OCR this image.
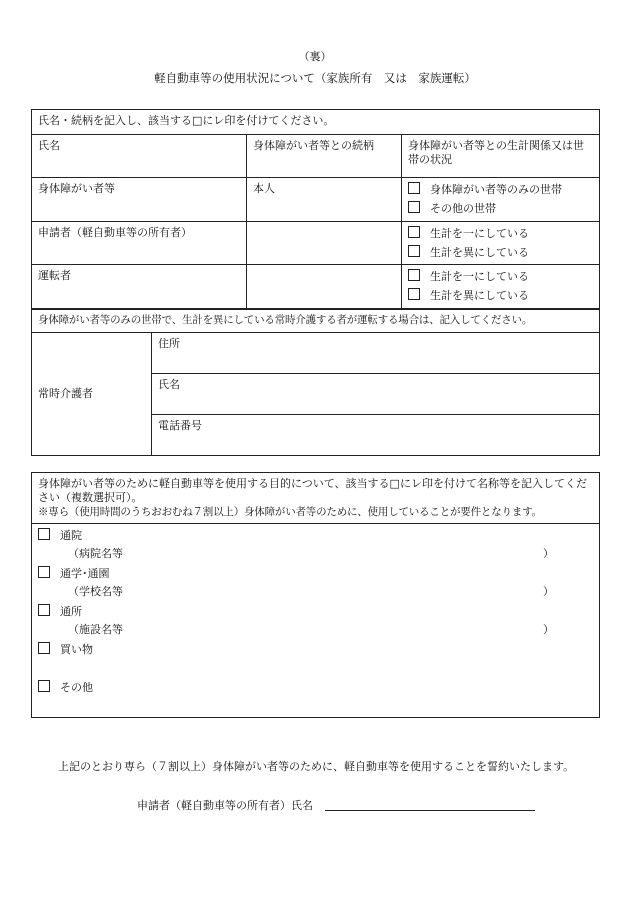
（裏）
軽自動車等の使用状況について（家族所有　又は　家族運転）
氏名・続柄を記入し、該当する□にレ印を付けてください。		
氏名	身体障がい者等との続柄	身体障がい者等との生計関係又は世帯の状況
身体障がい者等	本人	身体障がい者等のみの世帯
その他の世帯

申請者（軽自動車等の所有者）		生計を一にしている
生計を異にしている

運転者		生計を一にしている
生計を異にしている
身体障がい者等のみの世帯で、生計を異にしている常時介護する者が運転する場合は、記入してください。
常時介護者	住所
氏名
電話番号
身体障がい者等のために軽自動車等を使用する目的について、該当する□にレ印を付けて名称等を記入してください（複数選択可）。
※専ら（使用時間のうちおおむね７割以上）身体障がい者等のために、使用していることが要件となります。
通院
（病院名等	）
通学･通園
（学校名等	）
通所
（施設名等	）
買い物
その他
上記のとおり専ら（７割以上）身体障がい者等のために、軽自動車等を使用することを誓約いたします。
申請者（軽自動車等の所有者）氏名
